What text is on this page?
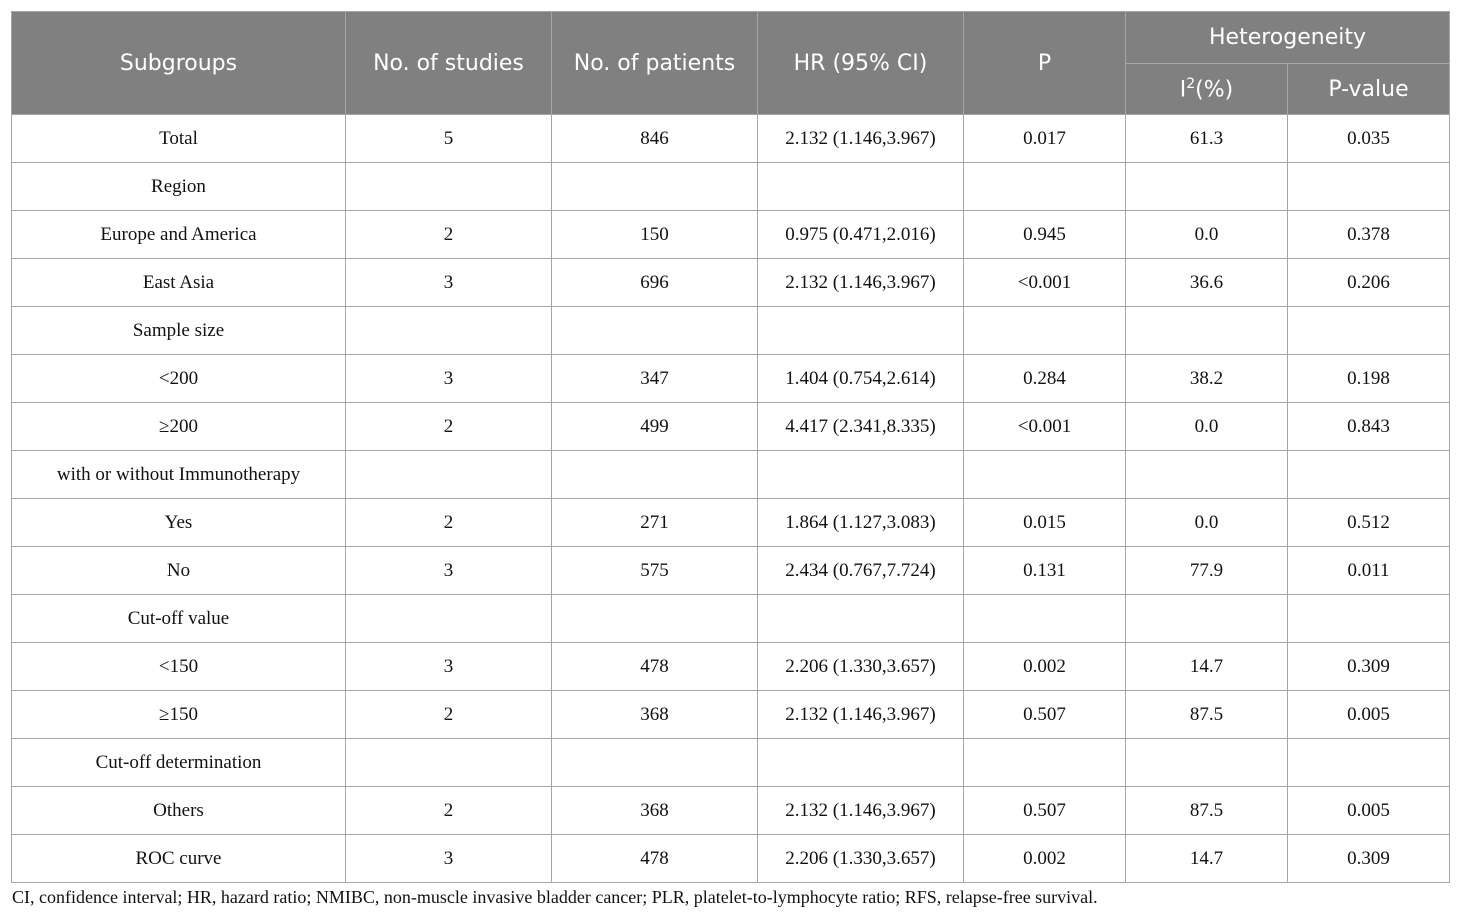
Subgroups	No. of studies	No. of patients	HR (95% CI)	P	Heterogeneity	
					$I^2(\%)$	P-value
Total	5	846	2.132 (1.146,3.967)	0.017	61.3	0.035
Region						
Europe and America	2	150	0.975 (0.471,2.016)	0.945	0.0	0.378
East Asia	3	696	2.132 (1.146,3.967)	<0.001	36.6	0.206
Sample size						
<200	3	347	1.404 (0.754,2.614)	0.284	38.2	0.198
≥200	2	499	4.417 (2.341,8.335)	<0.001	0.0	0.843
with or without Immunotherapy						
Yes	2	271	1.864 (1.127,3.083)	0.015	0.0	0.512
No	3	575	2.434 (0.767,7.724)	0.131	77.9	0.011
Cut-off value						
<150	3	478	2.206 (1.330,3.657)	0.002	14.7	0.309
≥150	2	368	2.132 (1.146,3.967)	0.507	87.5	0.005
Cut-off determination						
Others	2	368	2.132 (1.146,3.967)	0.507	87.5	0.005
ROC curve	3	478	2.206 (1.330,3.657)	0.002	14.7	0.309
CI, confidence interval; HR, hazard ratio; NMIBC, non-muscle invasive bladder cancer; PLR, platelet-to-lymphocyte ratio; RFS, relapse-free survival.
